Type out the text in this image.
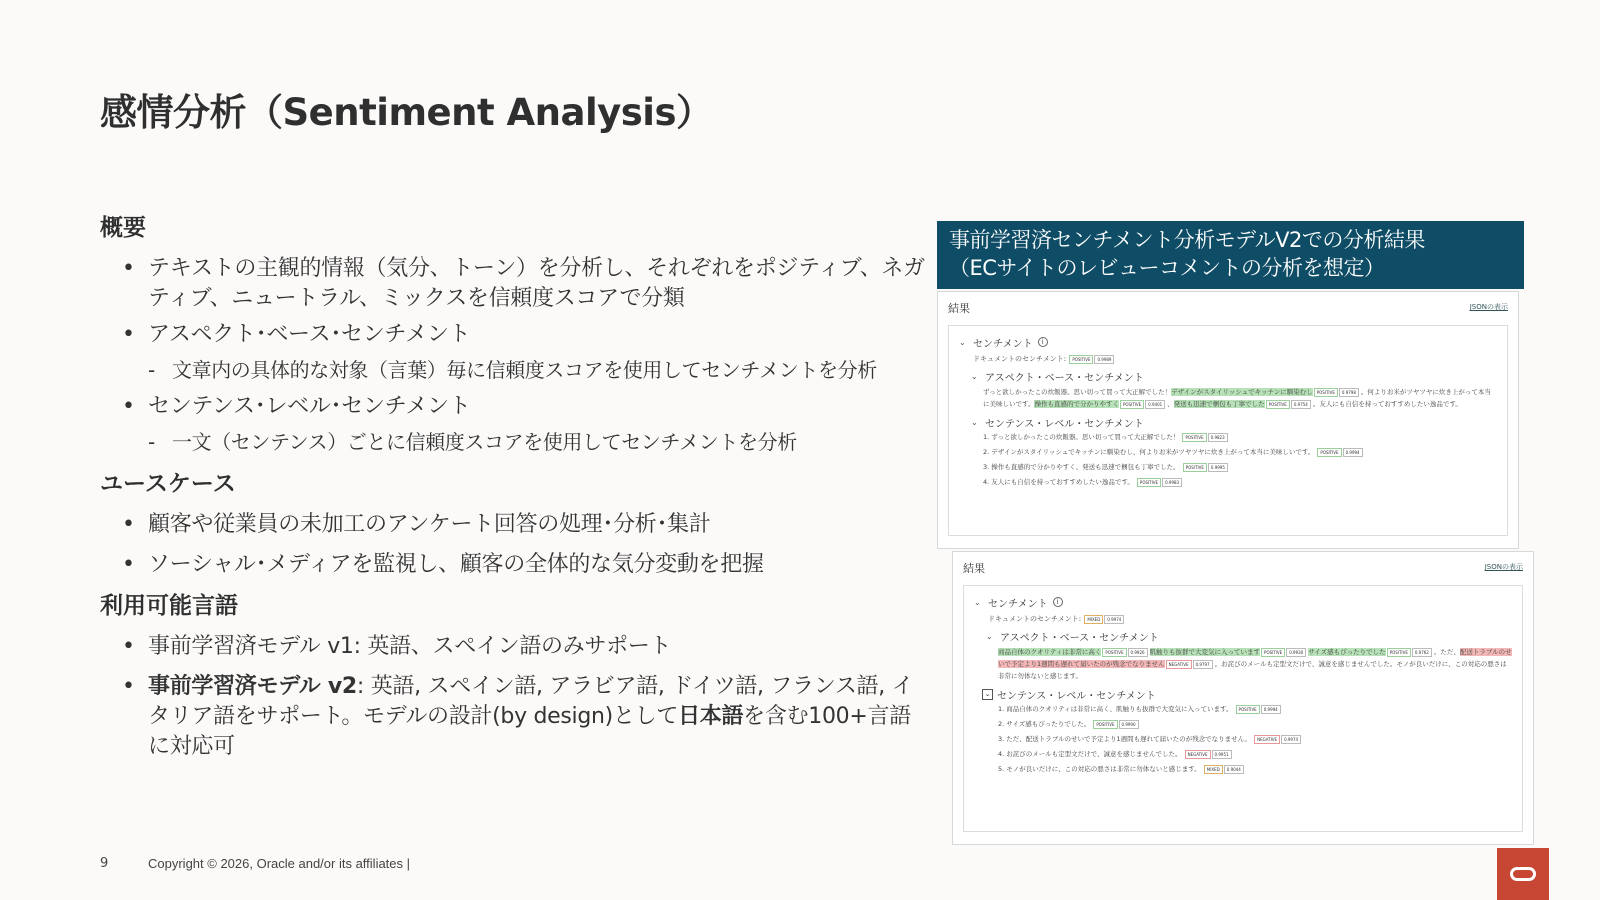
感情分析（Sentiment Analysis）
概要
• テキストの主観的情報（気分、トーン）を分析し、それぞれをポジティブ、ネガティブ、ニュートラル、ミックスを信頼度スコアで分類
• アスペクト･ベース･センチメント
- 文章内の具体的な対象（言葉）毎に信頼度スコアを使用してセンチメントを分析
• センテンス･レベル･センチメント
- 一文（センテンス）ごとに信頼度スコアを使用してセンチメントを分析
ユースケース
• 顧客や従業員の未加工のアンケート回答の処理･分析･集計
• ソーシャル･メディアを監視し、顧客の全体的な気分変動を把握
利用可能言語
• 事前学習済モデル v1: 英語、スペイン語のみサポート
• 事前学習済モデル v2: 英語, スペイン語, アラビア語, ドイツ語, フランス語, イタリア語をサポート。モデルの設計(by design)として日本語を含む100+言語に対応可
9	Copyright © 2026, Oracle and/or its affiliates |
事前学習済センチメント分析モデルV2での分析結果
（ECサイトのレビューコメントの分析を想定）
結果	JSONの表示
⌄ センチメント	i
ドキュメントのセンチメント:
	POSITIVE	0.9989
⌄ アスペクト・ベース・センチメント
ずっと欲しかったこの炊飯器。思い切って買って大正解でした！デザインがスタイリッシュでキッチンに馴染むし POSITIVE 0.9798 。何よりお米がツヤツヤに炊き上がって本当に美味しいです。操作も直感的で分かりやすく POSITIVE 0.9401 、発送も迅速で梱包も丁寧でした POSITIVE 0.9754 。友人にも自信を持っておすすめしたい逸品です。
⌄ センテンス・レベル・センチメント
1. ずっと欲しかったこの炊飯器。思い切って買って大正解でした！ POSITIVE 0.9823
2. デザインがスタイリッシュでキッチンに馴染むし、何よりお米がツヤツヤに炊き上がって本当に美味しいです。 POSITIVE 0.9994
3. 操作も直感的で分かりやすく、発送も迅速で梱包も丁寧でした。 POSITIVE 0.9995
4. 友人にも自信を持っておすすめしたい逸品です。 POSITIVE 0.9983
結果	JSONの表示
⌄ センチメント	i
ドキュメントのセンチメント:
	MIXED	0.9974
⌄ アスペクト・ベース・センチメント
商品自体のクオリティは非常に高く POSITIVE 0.9926 肌触りも抜群で大変気に入っています POSITIVE 0.9930 サイズ感もぴったりでした POSITIVE 0.9762 。ただ、配送トラブルのせいで予定より1週間も遅れて届いたのが残念でなりません NEGATIVE 0.9797 。お詫びのメールも定型文だけで、誠意を感じませんでした。モノが良いだけに、この対応の悪さは非常に勿体ないと感じます。
⌄ センテンス・レベル・センチメント
1. 商品自体のクオリティは非常に高く、肌触りも抜群で大変気に入っています。 POSITIVE 0.9994
2. サイズ感もぴったりでした。 POSITIVE 0.9990
3. ただ、配送トラブルのせいで予定より1週間も遅れて届いたのが残念でなりません。 NEGATIVE 0.9974
4. お詫びのメールも定型文だけで、誠意を感じませんでした。 NEGATIVE 0.9951
5. モノが良いだけに、この対応の悪さは非常に勿体ないと感じます。 MIXED 0.9044
